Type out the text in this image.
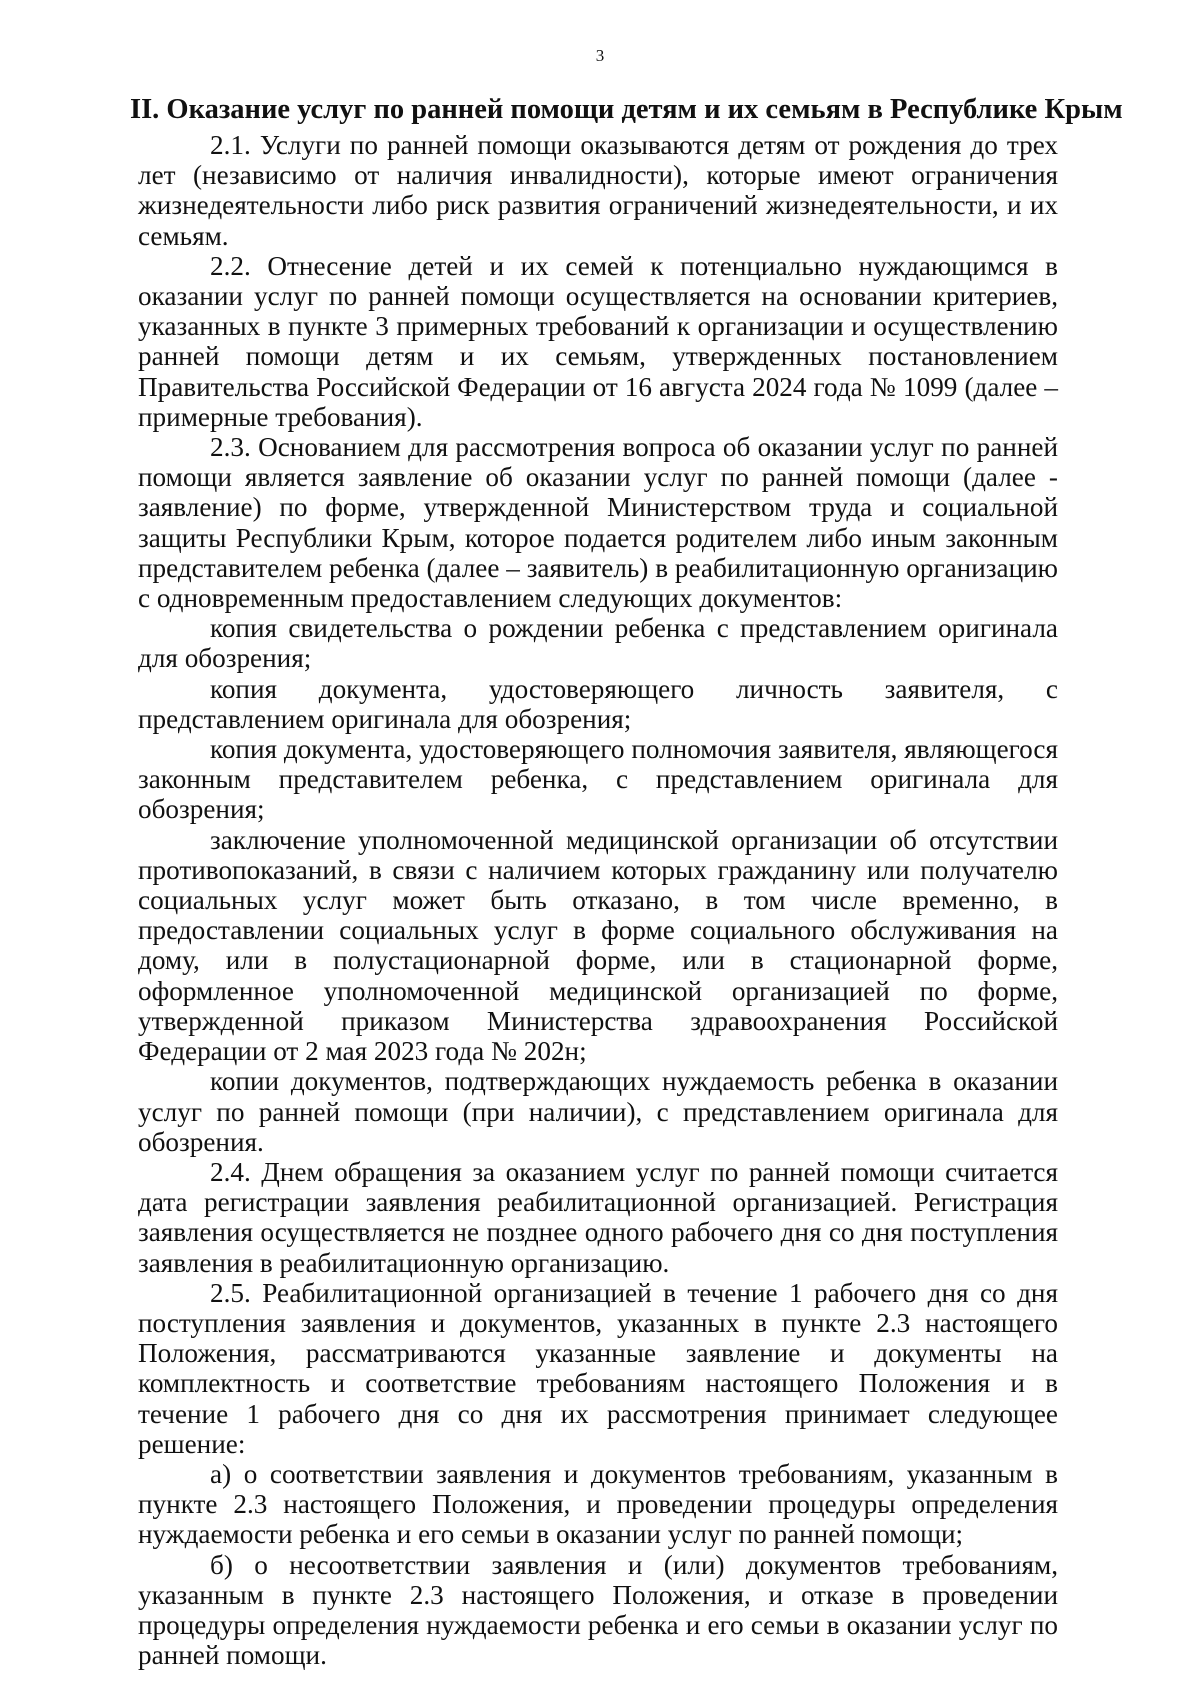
3
II. Оказание услуг по ранней помощи детям и их семьям в Республике Крым

2.1. Услуги по ранней помощи оказываются детям от рождения до трех лет (независимо от наличия инвалидности), которые имеют ограничения жизнедеятельности либо риск развития ограничений жизнедеятельности, и их семьям.

2.2. Отнесение детей и их семей к потенциально нуждающимся в оказании услуг по ранней помощи осуществляется на основании критериев, указанных в пункте 3 примерных требований к организации и осуществлению ранней помощи детям и их семьям, утвержденных постановлением Правительства Российской Федерации от 16 августа 2024 года № 1099 (далее – примерные требования).

2.3. Основанием для рассмотрения вопроса об оказании услуг по ранней помощи является заявление об оказании услуг по ранней помощи (далее - заявление) по форме, утвержденной Министерством труда и социальной защиты Республики Крым, которое подается родителем либо иным законным представителем ребенка (далее – заявитель) в реабилитационную организацию с одновременным предоставлением следующих документов:

копия свидетельства о рождении ребенка с представлением оригинала для обозрения;

копия документа, удостоверяющего личность заявителя, с представлением оригинала для обозрения;

копия документа, удостоверяющего полномочия заявителя, являющегося законным представителем ребенка, с представлением оригинала для обозрения;

заключение уполномоченной медицинской организации об отсутствии противопоказаний, в связи с наличием которых гражданину или получателю социальных услуг может быть отказано, в том числе временно, в предоставлении социальных услуг в форме социального обслуживания на дому, или в полустационарной форме, или в стационарной форме, оформленное уполномоченной медицинской организацией по форме, утвержденной приказом Министерства здравоохранения Российской Федерации от 2 мая 2023 года № 202н;

копии документов, подтверждающих нуждаемость ребенка в оказании услуг по ранней помощи (при наличии), с представлением оригинала для обозрения.

2.4. Днем обращения за оказанием услуг по ранней помощи считается дата регистрации заявления реабилитационной организацией. Регистрация заявления осуществляется не позднее одного рабочего дня со дня поступления заявления в реабилитационную организацию.

2.5. Реабилитационной организацией в течение 1 рабочего дня со дня поступления заявления и документов, указанных в пункте 2.3 настоящего Положения, рассматриваются указанные заявление и документы на комплектность и соответствие требованиям настоящего Положения и в течение 1 рабочего дня со дня их рассмотрения принимает следующее решение:

а) о соответствии заявления и документов требованиям, указанным в пункте 2.3 настоящего Положения, и проведении процедуры определения нуждаемости ребенка и его семьи в оказании услуг по ранней помощи;

б) о несоответствии заявления и (или) документов требованиям, указанным в пункте 2.3 настоящего Положения, и отказе в проведении процедуры определения нуждаемости ребенка и его семьи в оказании услуг по ранней помощи.
